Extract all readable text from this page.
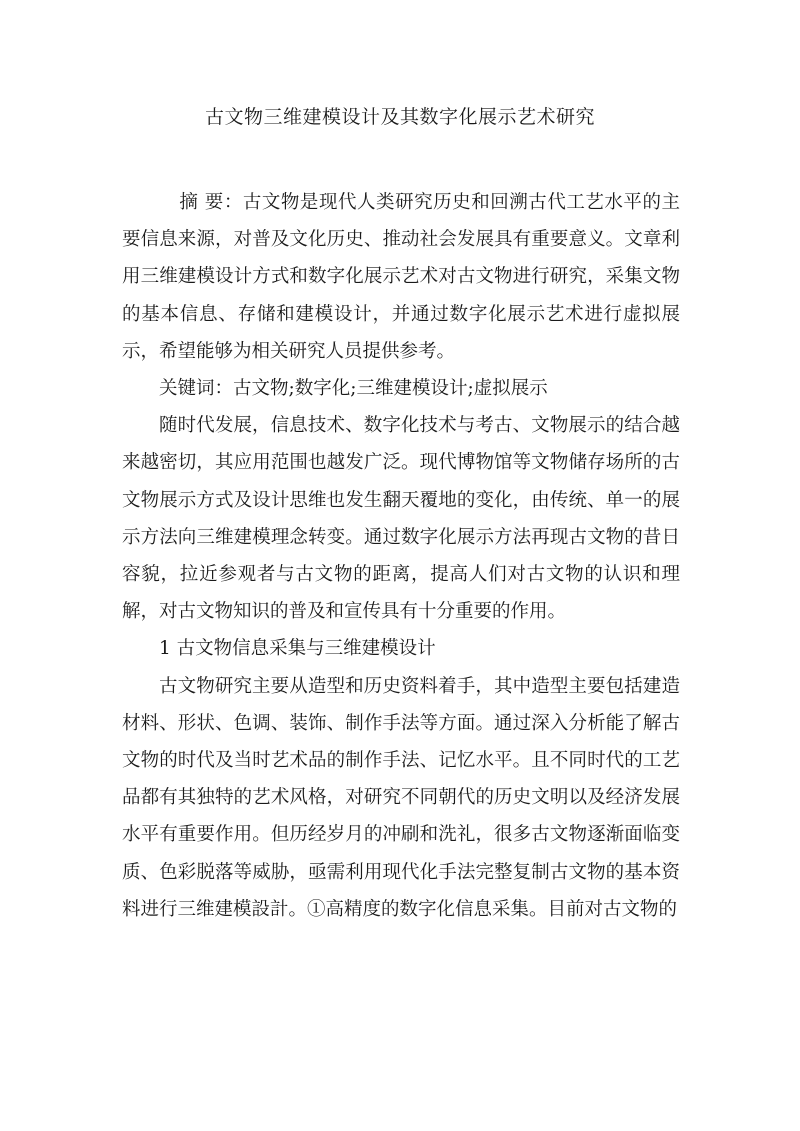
古文物三维建模设计及其数字化展示艺术研究

摘 要：古文物是现代人类研究历史和回溯古代工艺水平的主要信息来源，对普及文化历史、推动社会发展具有重要意义。文章利用三维建模设计方式和数字化展示艺术对古文物进行研究，采集文物的基本信息、存储和建模设计，并通过数字化展示艺术进行虚拟展示，希望能够为相关研究人员提供参考。

关键词：古文物;数字化;三维建模设计;虚拟展示

随时代发展，信息技术、数字化技术与考古、文物展示的结合越来越密切，其应用范围也越发广泛。现代博物馆等文物储存场所的古文物展示方式及设计思维也发生翻天覆地的变化，由传统、单一的展示方法向三维建模理念转变。通过数字化展示方法再现古文物的昔日容貌，拉近参观者与古文物的距离，提高人们对古文物的认识和理解，对古文物知识的普及和宣传具有十分重要的作用。

1 古文物信息采集与三维建模设计

古文物研究主要从造型和历史资料着手，其中造型主要包括建造材料、形状、色调、装饰、制作手法等方面。通过深入分析能了解古文物的时代及当时艺术品的制作手法、记忆水平。且不同时代的工艺品都有其独特的艺术风格，对研究不同朝代的历史文明以及经济发展水平有重要作用。但历经岁月的冲刷和洗礼，很多古文物逐渐面临变质、色彩脱落等威胁，亟需利用现代化手法完整复制古文物的基本资料进行三维建模設計。①高精度的数字化信息采集。目前对古文物的
